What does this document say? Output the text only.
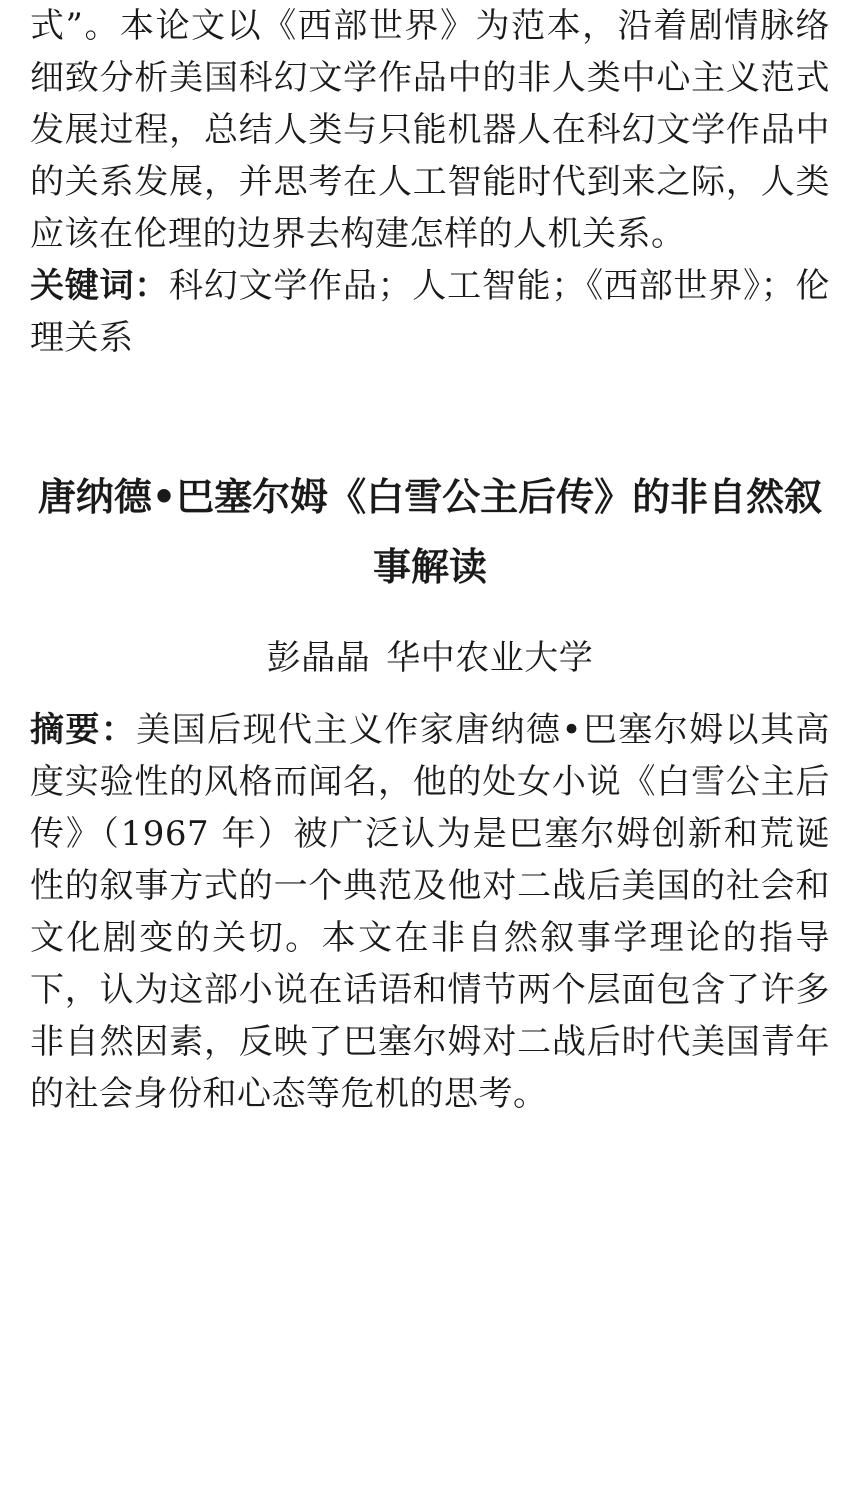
式”。本论文以《西部世界》为范本，沿着剧情脉络细致分析美国科幻文学作品中的非人类中心主义范式发展过程，总结人类与只能机器人在科幻文学作品中的关系发展，并思考在人工智能时代到来之际，人类应该在伦理的边界去构建怎样的人机关系。

关键词：科幻文学作品；人工智能；《西部世界》；伦理关系

唐纳德•巴塞尔姆《白雪公主后传》的非自然叙事解读

彭晶晶 华中农业大学

摘要：美国后现代主义作家唐纳德•巴塞尔姆以其高度实验性的风格而闻名，他的处女小说《白雪公主后传》（1967 年）被广泛认为是巴塞尔姆创新和荒诞性的叙事方式的一个典范及他对二战后美国的社会和文化剧变的关切。本文在非自然叙事学理论的指导下，认为这部小说在话语和情节两个层面包含了许多非自然因素，反映了巴塞尔姆对二战后时代美国青年的社会身份和心态等危机的思考。
